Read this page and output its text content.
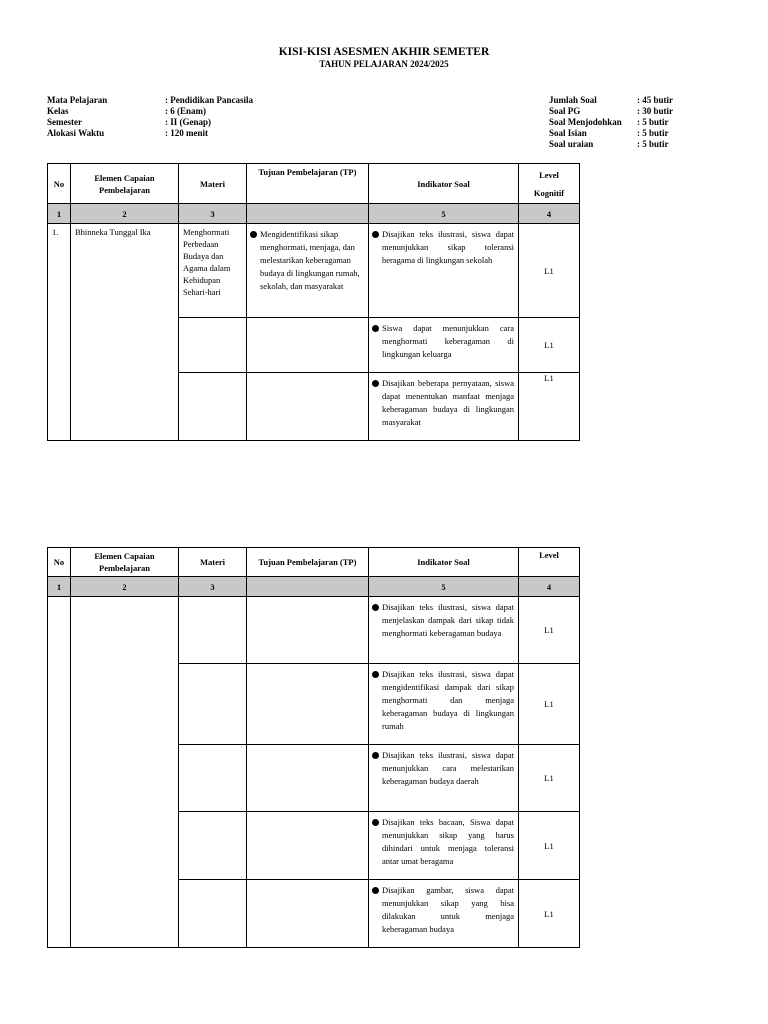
KISI-KISI ASESMEN AKHIR SEMETER
TAHUN PELAJARAN 2024/2025
Mata Pelajaran	: Pendidikan Pancasila
Kelas	: 6 (Enam)
Semester	: II (Genap)
Alokasi Waktu	: 120 menit
Jumlah Soal	: 45 butir
Soal PG	: 30 butir
Soal Menjodohkan	: 5 butir
Soal Isian	: 5 butir
Soal uraian	: 5 butir
No	Elemen Capaian Pembelajaran	Materi	Tujuan Pembelajaran (TP)	Indikator Soal	Level
Kognitif

1	2	3		5	4
1.	Bhinneka Tunggal Ika	Menghormati Perbedaan Budaya dan Agama dalam Kehidupan Sehari-hari	Mengidentifikasi sikap menghormati, menjaga, dan melestarikan keberagaman budaya di lingkungan rumah, sekolah, dan masyarakat	Disajikan teks ilustrasi, siswa dapat menunjukkan sikap toleransi beragama di lingkungan sekolah	L1

				Siswa dapat menunjukkan cara menghormati keberagaman di lingkungan keluarga	L1

				Disajikan beberapa pernyataan, siswa dapat menentukan manfaat menjaga keberagaman budaya di lingkungan masyarakat	L1
No	Elemen Capaian Pembelajaran	Materi	Tujuan Pembelajaran (TP)	Indikator Soal	Level
1	2	3		5	4

				Disajikan teks ilustrasi, siswa dapat menjelaskan dampak dari sikap tidak menghormati keberagaman budaya	L1

				Disajikan teks ilustrasi, siswa dapat mengidentifikasi dampak dari sikap menghormati dan menjaga keberagaman budaya di lingkungan rumah	L1

				Disajikan teks ilustrasi, siswa dapat menunjukkan cara melestarikan keberagaman budaya daerah	L1

				Disajikan teks bacaan, Siswa dapat menunjukkan sikap yang harus dihindari untuk menjaga toleransi antar umat beragama	L1

				Disajikan gambar, siswa dapat menunjukkan sikap yang bisa dilakukan untuk menjaga keberagaman budaya	L1
